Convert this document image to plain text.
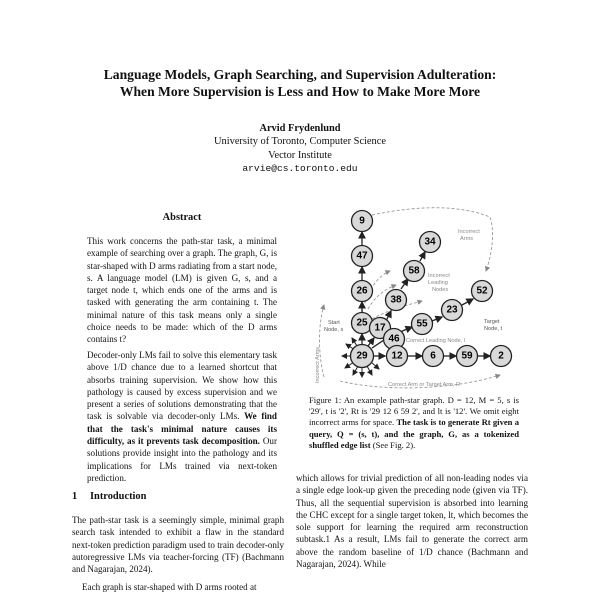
Language Models, Graph Searching, and Supervision Adulteration:
When More Supervision is Less and How to Make More More
Arvid Frydenlund
University of Toronto, Computer Science
Vector Institute
arvie@cs.toronto.edu
Abstract

This work concerns the path-star task, a minimal example of searching over a graph. The graph, G, is star-shaped with D arms radiating from a start node, s. A language model (LM) is given G, s, and a target node t, which ends one of the arms and is tasked with generating the arm containing t. The minimal nature of this task means only a single choice needs to be made: which of the D arms contains t?

Decoder-only LMs fail to solve this elementary task above 1/D chance due to a learned shortcut that absorbs training supervision. We show how this pathology is caused by excess supervision and we present a series of solutions demonstrating that the task is solvable via decoder-only LMs. We find that the task's minimal nature causes its difficulty, as it prevents task decomposition. Our solutions provide insight into the pathology and its implications for LMs trained via next-token prediction.

1 Introduction
The path-star task is a seemingly simple, minimal graph search task intended to exhibit a flaw in the standard next-token prediction paradigm used to train decoder-only autoregressive LMs via teacher-forcing (TF) (Bachmann and Nagarajan, 2024).
Each graph is star-shaped with D arms rooted at
9
47
26
25
34
58
38
17
52
23
55
46
29 12	6	59	2
Incorrect
Arms
Incorrect
Leading
Nodes
Start
Node, s
Target
Node, t
Correct Leading Node, l
Correct Arm or Target Arm, R
Incorrect Arms
Figure 1: An example path-star graph. D = 12, M = 5, s is '29', t is '2', Rt is '29 12 6 59 2', and lt is '12'. We omit eight incorrect arms for space. The task is to generate Rt given a query, Q = (s, t), and the graph, G, as a tokenized shuffled edge list (See Fig. 2).
which allows for trivial prediction of all non-leading nodes via a single edge look-up given the preceding node (given via TF). Thus, all the sequential supervision is absorbed into learning the CHC except for a single target token, lt, which becomes the sole support for learning the required arm reconstruction subtask.1 As a result, LMs fail to generate the correct arm above the random baseline of 1/D chance (Bachmann and Nagarajan, 2024). While
